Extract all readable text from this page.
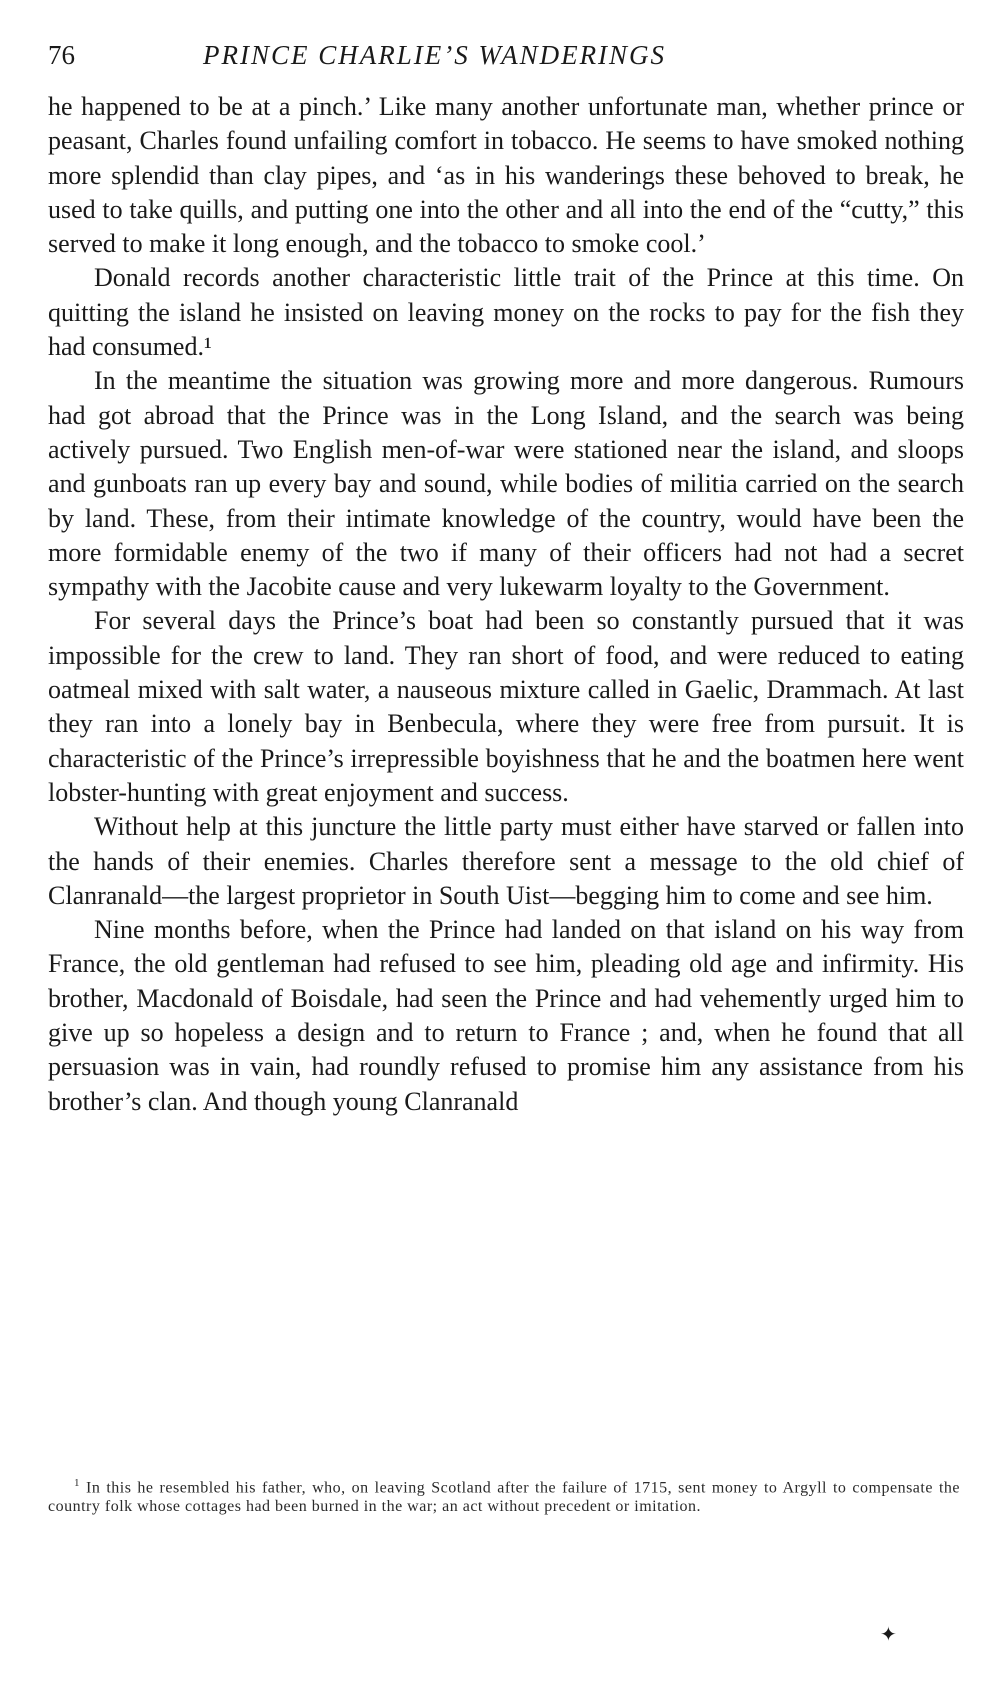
76	PRINCE CHARLIE’S WANDERINGS

he happened to be at a pinch.’ Like many another unfortunate man, whether prince or peasant, Charles found unfailing comfort in tobacco. He seems to have smoked nothing more splendid than clay pipes, and ‘as in his wanderings these behoved to break, he used to take quills, and putting one into the other and all into the end of the “cutty,” this served to make it long enough, and the tobacco to smoke cool.’

Donald records another characteristic little trait of the Prince at this time. On quitting the island he insisted on leaving money on the rocks to pay for the fish they had consumed.¹

In the meantime the situation was growing more and more dangerous. Rumours had got abroad that the Prince was in the Long Island, and the search was being actively pursued. Two English men-of-war were stationed near the island, and sloops and gunboats ran up every bay and sound, while bodies of militia carried on the search by land. These, from their intimate knowledge of the country, would have been the more formidable enemy of the two if many of their officers had not had a secret sympathy with the Jacobite cause and very lukewarm loyalty to the Government.

For several days the Prince’s boat had been so constantly pursued that it was impossible for the crew to land. They ran short of food, and were reduced to eating oatmeal mixed with salt water, a nauseous mixture called in Gaelic, Drammach. At last they ran into a lonely bay in Benbecula, where they were free from pursuit. It is characteristic of the Prince’s irrepressible boyishness that he and the boatmen here went lobster-hunting with great enjoyment and success.

Without help at this juncture the little party must either have starved or fallen into the hands of their enemies. Charles therefore sent a message to the old chief of Clanranald—the largest proprietor in South Uist—begging him to come and see him.

Nine months before, when the Prince had landed on that island on his way from France, the old gentleman had refused to see him, pleading old age and infirmity. His brother, Macdonald of Boisdale, had seen the Prince and had vehemently urged him to give up so hopeless a design and to return to France ; and, when he found that all persuasion was in vain, had roundly refused to promise him any assistance from his brother’s clan. And though young Clanranald

$^1$ In this he resembled his father, who, on leaving Scotland after the failure of 1715, sent money to Argyll to compensate the country folk whose cottages had been burned in the war; an act without precedent or imitation.
✦
